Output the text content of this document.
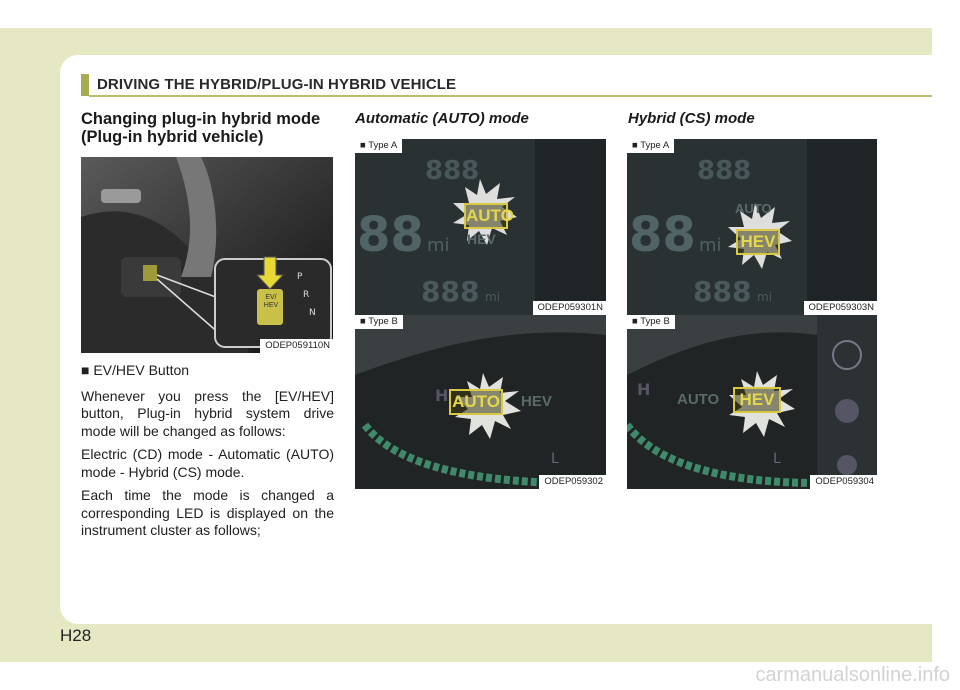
DRIVING THE HYBRID/PLUG-IN HYBRID VEHICLE
Changing plug-in hybrid mode
(Plug-in hybrid vehicle)
Automatic (AUTO) mode	Hybrid (CS) mode
P
R
N
EV/
HEV
ODEP059110N
888
88 mi
888 mi
AUTO
HEV
■ Type A
ODEP059301N
H
L
AUTO HEV
■ Type B
ODEP059302
888
88 mi
888 mi
AUTO
HEV
■ Type A
ODEP059303N
H
L
AUTO	HEV
■ Type B
ODEP059304

■ EV/HEV Button

Whenever you press the [EV/HEV] button, Plug-in hybrid system drive mode will be changed as follows:

Electric (CD) mode - Automatic (AUTO) mode - Hybrid (CS) mode.

Each time the mode is changed a corresponding LED is displayed on the instrument cluster as follows;

H28
carmanualsonline.info
